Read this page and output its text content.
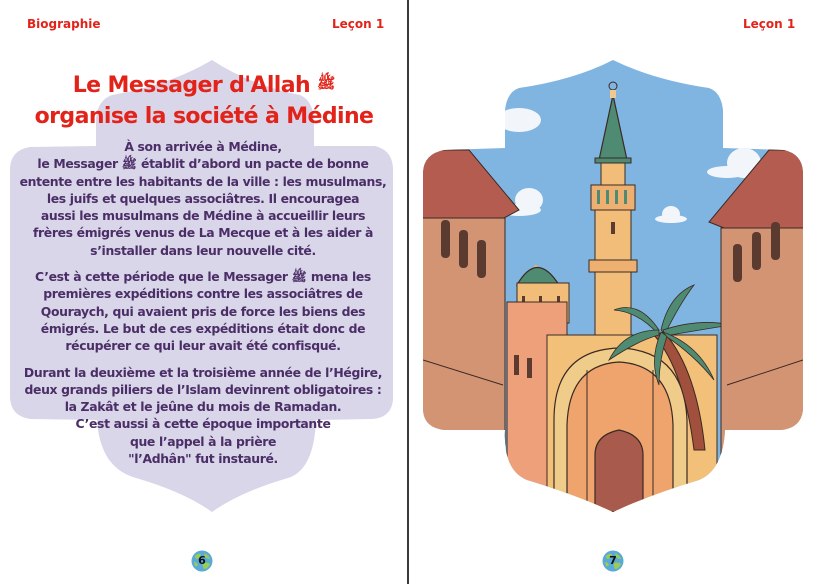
Biographie	Leçon 1
Le Messager d'Allah ﷺ
organise la société à Médine

À son arrivée à Médine,
le Messager ﷺ établit d’abord un pacte de bonne
entente entre les habitants de la ville : les musulmans,
les juifs et quelques associâtres. Il encouragea
aussi les musulmans de Médine à accueillir leurs
frères émigrés venus de La Mecque et à les aider à
s’installer dans leur nouvelle cité.

C’est à cette période que le Messager ﷺ mena les
premières expéditions contre les associâtres de
Qouraych, qui avaient pris de force les biens des
émigrés. Le but de ces expéditions était donc de
récupérer ce qui leur avait été confisqué.

Durant la deuxième et la troisième année de l’Hégire,
deux grands piliers de l’Islam devinrent obligatoires :
la Zakât et le jeûne du mois de Ramadan.
C’est aussi à cette époque importante
que l’appel à la prière
"l’Adhân" fut instauré.

6
Leçon 1
7
